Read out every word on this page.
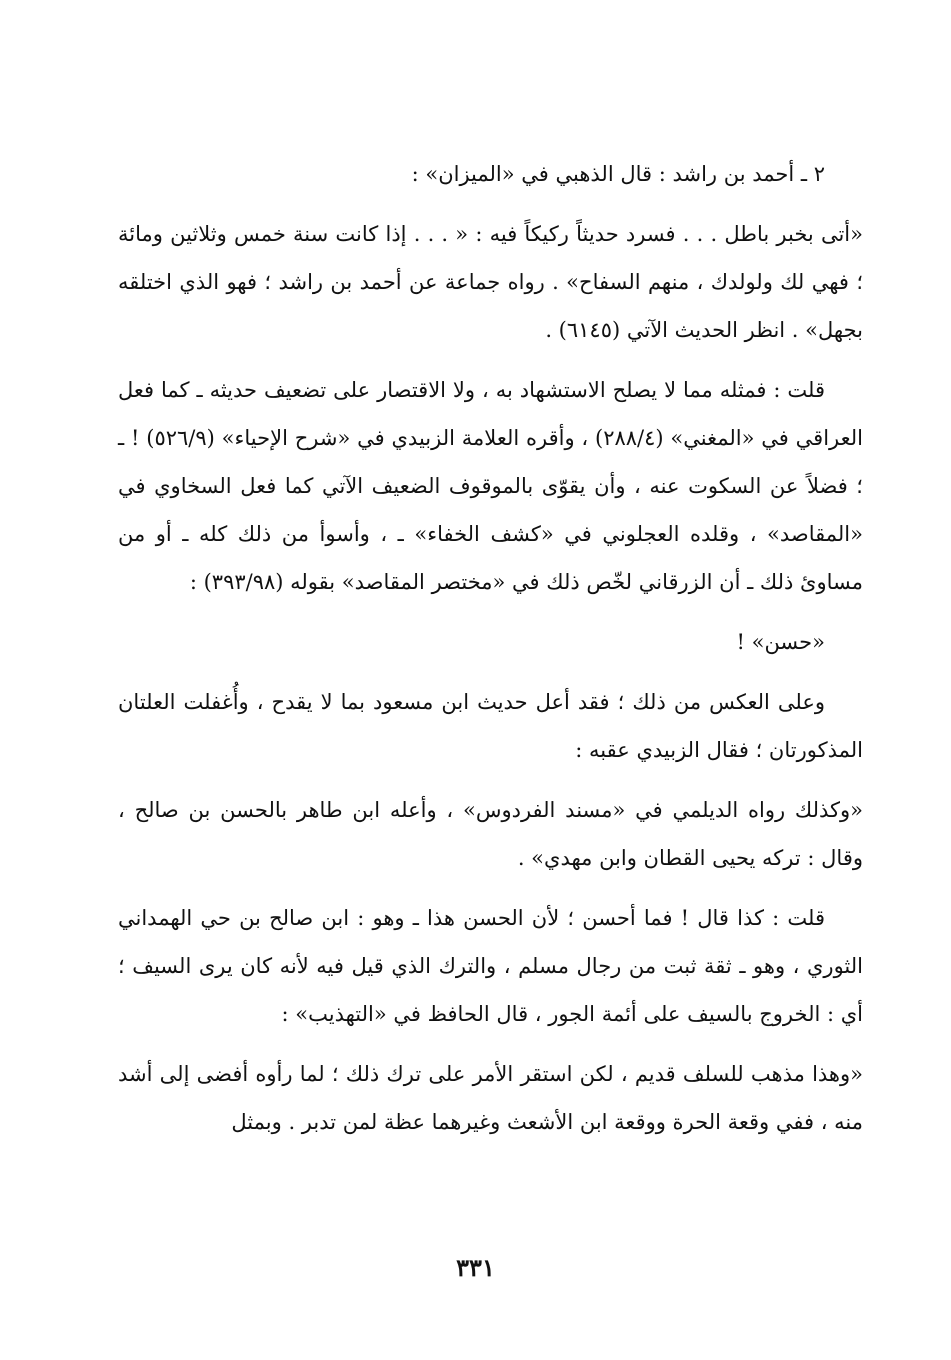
٢ ـ أحمد بن راشد : قال الذهبي في «الميزان» :

«أتى بخبر باطل . . . فسرد حديثاً ركيكاً فيه : « . . . إذا كانت سنة خمس وثلاثين ومائة ؛ فهي لك ولولدك ، منهم السفاح» . رواه جماعة عن أحمد بن راشد ؛ فهو الذي اختلقه بجهل» . انظر الحديث الآتي (٦١٤٥) .

قلت : فمثله مما لا يصلح الاستشهاد به ، ولا الاقتصار على تضعيف حديثه ـ كما فعل العراقي في «المغني» (٢٨٨/٤) ، وأقره العلامة الزبيدي في «شرح الإحياء» (٥٢٦/٩) ! ـ ؛ فضلاً عن السكوت عنه ، وأن يقوّى بالموقوف الضعيف الآتي كما فعل السخاوي في «المقاصد» ، وقلده العجلوني في «كشف الخفاء» ـ ، وأسوأ من ذلك كله ـ أو من مساوئ ذلك ـ أن الزرقاني لخّص ذلك في «مختصر المقاصد» بقوله (٣٩٣/٩٨) :

«حسن» !

وعلى العكس من ذلك ؛ فقد أعل حديث ابن مسعود بما لا يقدح ، وأُغفلت العلتان المذكورتان ؛ فقال الزبيدي عقبه :

«وكذلك رواه الديلمي في «مسند الفردوس» ، وأعله ابن طاهر بالحسن بن صالح ، وقال : تركه يحيى القطان وابن مهدي» .

قلت : كذا قال ! فما أحسن ؛ لأن الحسن هذا ـ وهو : ابن صالح بن حي الهمداني الثوري ، وهو ـ ثقة ثبت من رجال مسلم ، والترك الذي قيل فيه لأنه كان يرى السيف ؛ أي : الخروج بالسيف على أئمة الجور ، قال الحافظ في «التهذيب» :

«وهذا مذهب للسلف قديم ، لكن استقر الأمر على ترك ذلك ؛ لما رأوه أفضى إلى أشد منه ، ففي وقعة الحرة ووقعة ابن الأشعث وغيرهما عظة لمن تدبر . وبمثل

٣٣١
